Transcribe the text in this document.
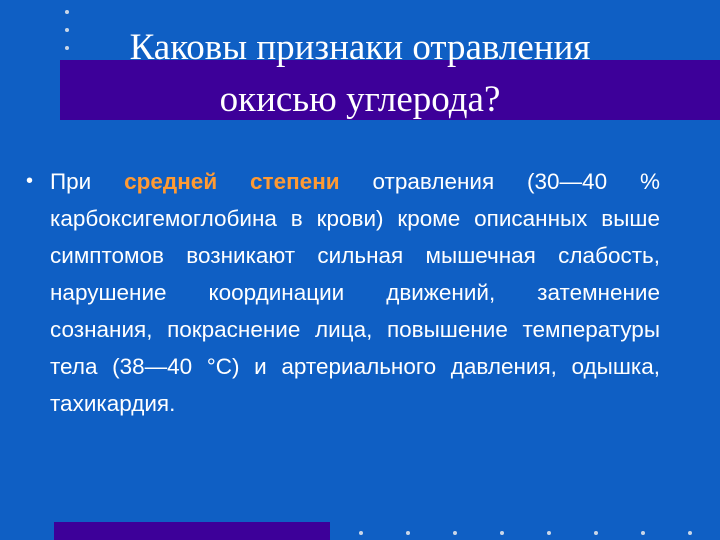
Каковы признаки отравления
окисью углерода?
• При средней степени отравления (30—40 % карбоксигемоглобина в крови) кроме описанных выше симптомов возникают сильная мышечная слабость, нарушение координации движений, затемнение сознания, покраснение лица, повышение температуры тела (38—40 °С) и артериального давления, одышка, тахикардия.
